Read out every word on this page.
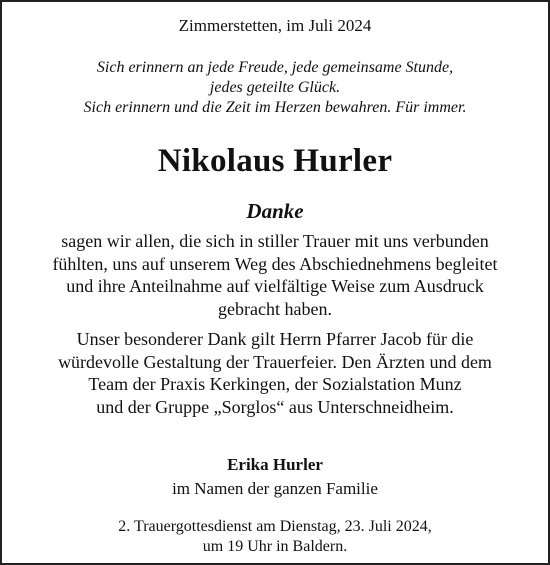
Zimmerstetten, im Juli 2024
Sich erinnern an jede Freude, jede gemeinsame Stunde,
jedes geteilte Glück.
Sich erinnern und die Zeit im Herzen bewahren. Für immer.
Nikolaus Hurler
Danke
sagen wir allen, die sich in stiller Trauer mit uns verbunden
fühlten, uns auf unserem Weg des Abschiednehmens begleitet
und ihre Anteilnahme auf vielfältige Weise zum Ausdruck
gebracht haben.
Unser besonderer Dank gilt Herrn Pfarrer Jacob für die
würdevolle Gestaltung der Trauerfeier. Den Ärzten und dem
Team der Praxis Kerkingen, der Sozialstation Munz
und der Gruppe „Sorglos“ aus Unterschneidheim.
Erika Hurler
im Namen der ganzen Familie
2. Trauergottesdienst am Dienstag, 23. Juli 2024,
um 19 Uhr in Baldern.
